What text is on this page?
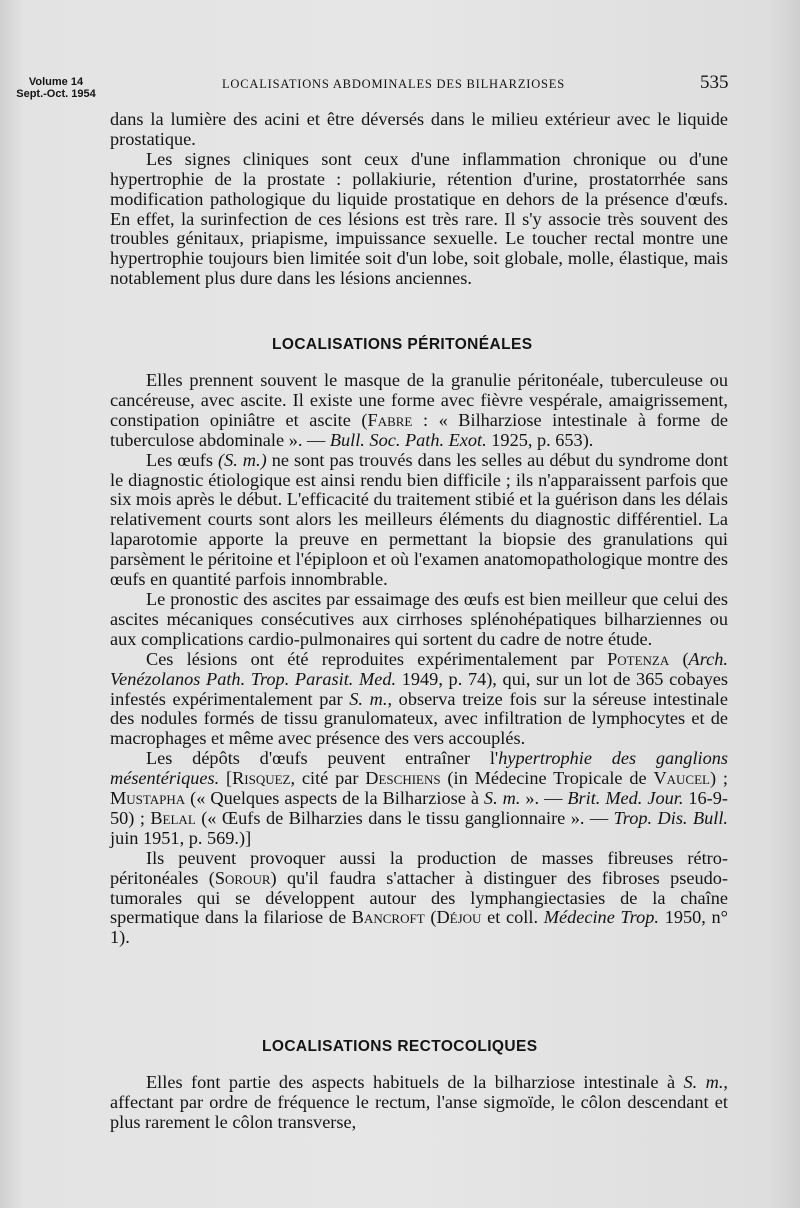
Volume 14
Sept.-Oct. 1954
LOCALISATIONS ABDOMINALES DES BILHARZIOSES	535

dans la lumière des acini et être déversés dans le milieu extérieur avec le liquide prostatique.

Les signes cliniques sont ceux d'une inflammation chronique ou d'une hypertrophie de la prostate : pollakiurie, rétention d'urine, prostatorrhée sans modification pathologique du liquide prostatique en dehors de la présence d'œufs. En effet, la surinfection de ces lésions est très rare. Il s'y associe très souvent des troubles génitaux, priapisme, impuissance sexuelle. Le toucher rectal montre une hypertrophie toujours bien limitée soit d'un lobe, soit globale, molle, élastique, mais notablement plus dure dans les lésions anciennes.

LOCALISATIONS PÉRITONÉALES

Elles prennent souvent le masque de la granulie péritonéale, tuberculeuse ou cancéreuse, avec ascite. Il existe une forme avec fièvre vespérale, amaigrissement, constipation opiniâtre et ascite (Fabre : « Bilharziose intestinale à forme de tuberculose abdominale ». — Bull. Soc. Path. Exot. 1925, p. 653).

Les œufs (S. m.) ne sont pas trouvés dans les selles au début du syndrome dont le diagnostic étiologique est ainsi rendu bien difficile ; ils n'apparaissent parfois que six mois après le début. L'efficacité du traitement stibié et la guérison dans les délais relativement courts sont alors les meilleurs éléments du diagnostic différentiel. La laparotomie apporte la preuve en permettant la biopsie des granulations qui parsèment le péritoine et l'épiploon et où l'examen anatomopathologique montre des œufs en quantité parfois innombrable.

Le pronostic des ascites par essaimage des œufs est bien meilleur que celui des ascites mécaniques consécutives aux cirrhoses splénohépatiques bilharziennes ou aux complications cardio-pulmonaires qui sortent du cadre de notre étude.

Ces lésions ont été reproduites expérimentalement par Potenza (Arch. Venézolanos Path. Trop. Parasit. Med. 1949, p. 74), qui, sur un lot de 365 cobayes infestés expérimentalement par S. m., observa treize fois sur la séreuse intestinale des nodules formés de tissu granulomateux, avec infiltration de lymphocytes et de macrophages et même avec présence des vers accouplés.

Les dépôts d'œufs peuvent entraîner l'hypertrophie des ganglions mésentériques. [Risquez, cité par Deschiens (in Médecine Tropicale de Vaucel) ; Mustapha (« Quelques aspects de la Bilharziose à S. m. ». — Brit. Med. Jour. 16-9-50) ; Belal (« Œufs de Bilharzies dans le tissu ganglionnaire ». — Trop. Dis. Bull. juin 1951, p. 569.)]

Ils peuvent provoquer aussi la production de masses fibreuses rétro-péritonéales (Sorour) qu'il faudra s'attacher à distinguer des fibroses pseudo-tumorales qui se développent autour des lymphangiectasies de la chaîne spermatique dans la filariose de Bancroft (Déjou et coll. Médecine Trop. 1950, n° 1).

LOCALISATIONS RECTOCOLIQUES

Elles font partie des aspects habituels de la bilharziose intestinale à S. m., affectant par ordre de fréquence le rectum, l'anse sigmoïde, le côlon descendant et plus rarement le côlon transverse,
